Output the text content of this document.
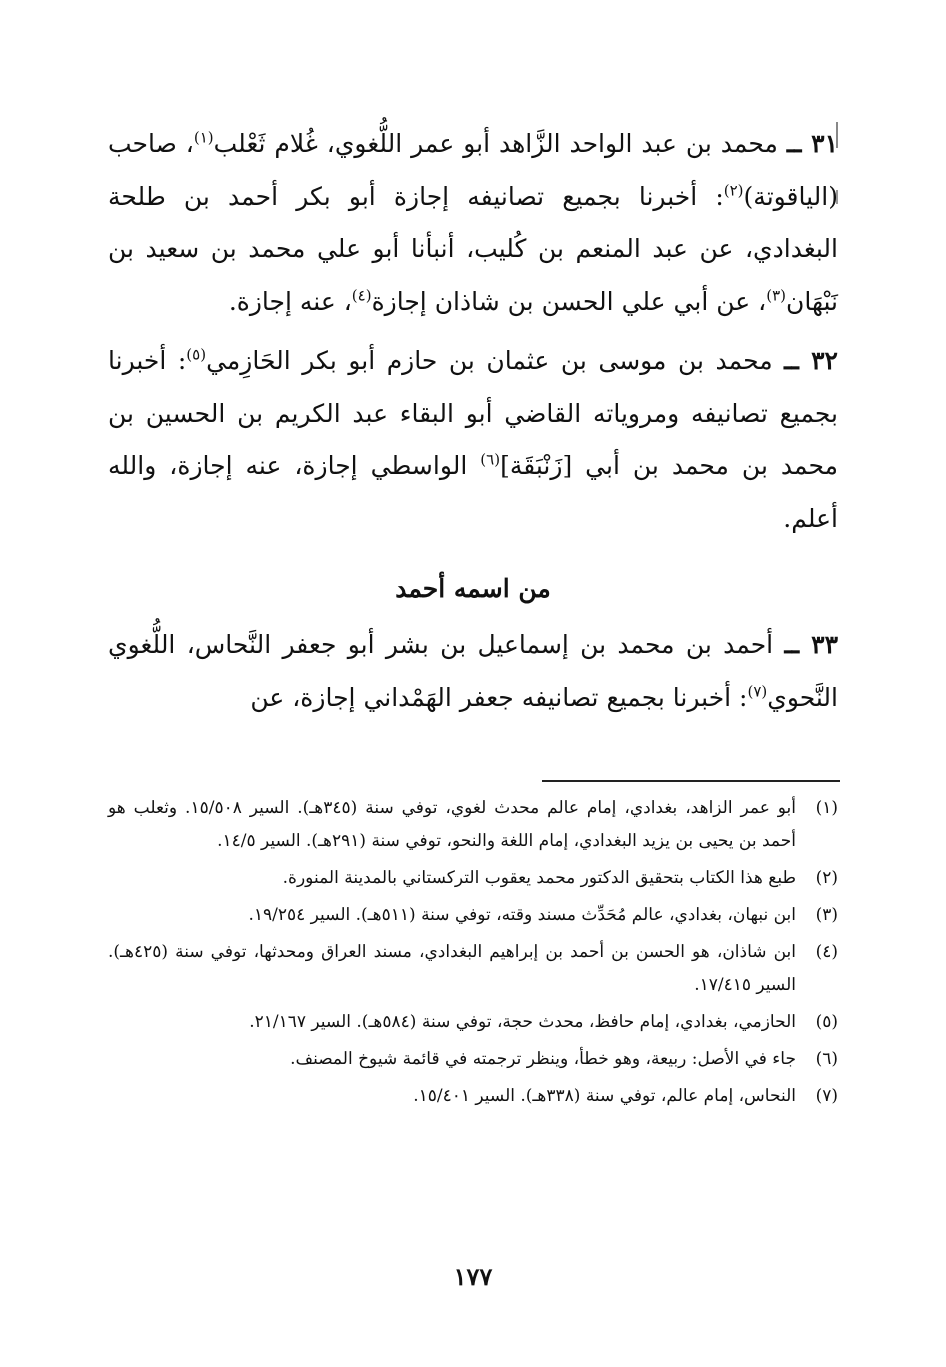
٣١ ــ محمد بن عبد الواحد الزَّاهد أبو عمر اللُّغوي، غُلام ثَعْلب$^{(١)}$، صاحب (الياقوتة)$^{(٢)}$: أخبرنا بجميع تصانيفه إجازة أبو بكر أحمد بن طلحة البغدادي، عن عبد المنعم بن كُليب، أنبأنا أبو علي محمد بن سعيد بن نَبْهَان$^{(٣)}$، عن أبي علي الحسن بن شاذان إجازة$^{(٤)}$، عنه إجازة.

٣٢ ــ محمد بن موسى بن عثمان بن حازم أبو بكر الحَازِمي$^{(٥)}$: أخبرنا بجميع تصانيفه ومروياته القاضي أبو البقاء عبد الكريم بن الحسين بن محمد بن محمد بن أبي [زَنْبَقَة]$^{(٦)}$ الواسطي إجازة، عنه إجازة، والله أعلم.

من اسمه أحمد

٣٣ ــ أحمد بن محمد بن إسماعيل بن بشر أبو جعفر النَّحاس، اللُّغوي النَّحوي$^{(٧)}$: أخبرنا بجميع تصانيفه جعفر الهَمْداني إجازة، عن

(١)
أبو عمر الزاهد، بغدادي، إمام عالم محدث لغوي، توفي سنة (٣٤٥هـ). السير ١٥/٥٠٨. وثعلب هو أحمد بن يحيى بن يزيد البغدادي، إمام اللغة والنحو، توفي سنة (٢٩١هـ). السير ١٤/٥.
(٢)
طبع هذا الكتاب بتحقيق الدكتور محمد يعقوب التركستاني بالمدينة المنورة.
(٣)
ابن نبهان، بغدادي، عالم مُحَدِّث مسند وقته، توفي سنة (٥١١هـ). السير ١٩/٢٥٤.
(٤)
ابن شاذان، هو الحسن بن أحمد بن إبراهيم البغدادي، مسند العراق ومحدثها، توفي سنة (٤٢٥هـ). السير ١٧/٤١٥.
(٥)
الحازمي، بغدادي، إمام حافظ، محدث حجة، توفي سنة (٥٨٤هـ). السير ٢١/١٦٧.
(٦)
جاء في الأصل: ربيعة، وهو خطأ، وينظر ترجمته في قائمة شيوخ المصنف.
(٧)
النحاس، إمام عالم، توفي سنة (٣٣٨هـ). السير ١٥/٤٠١.
١٧٧
